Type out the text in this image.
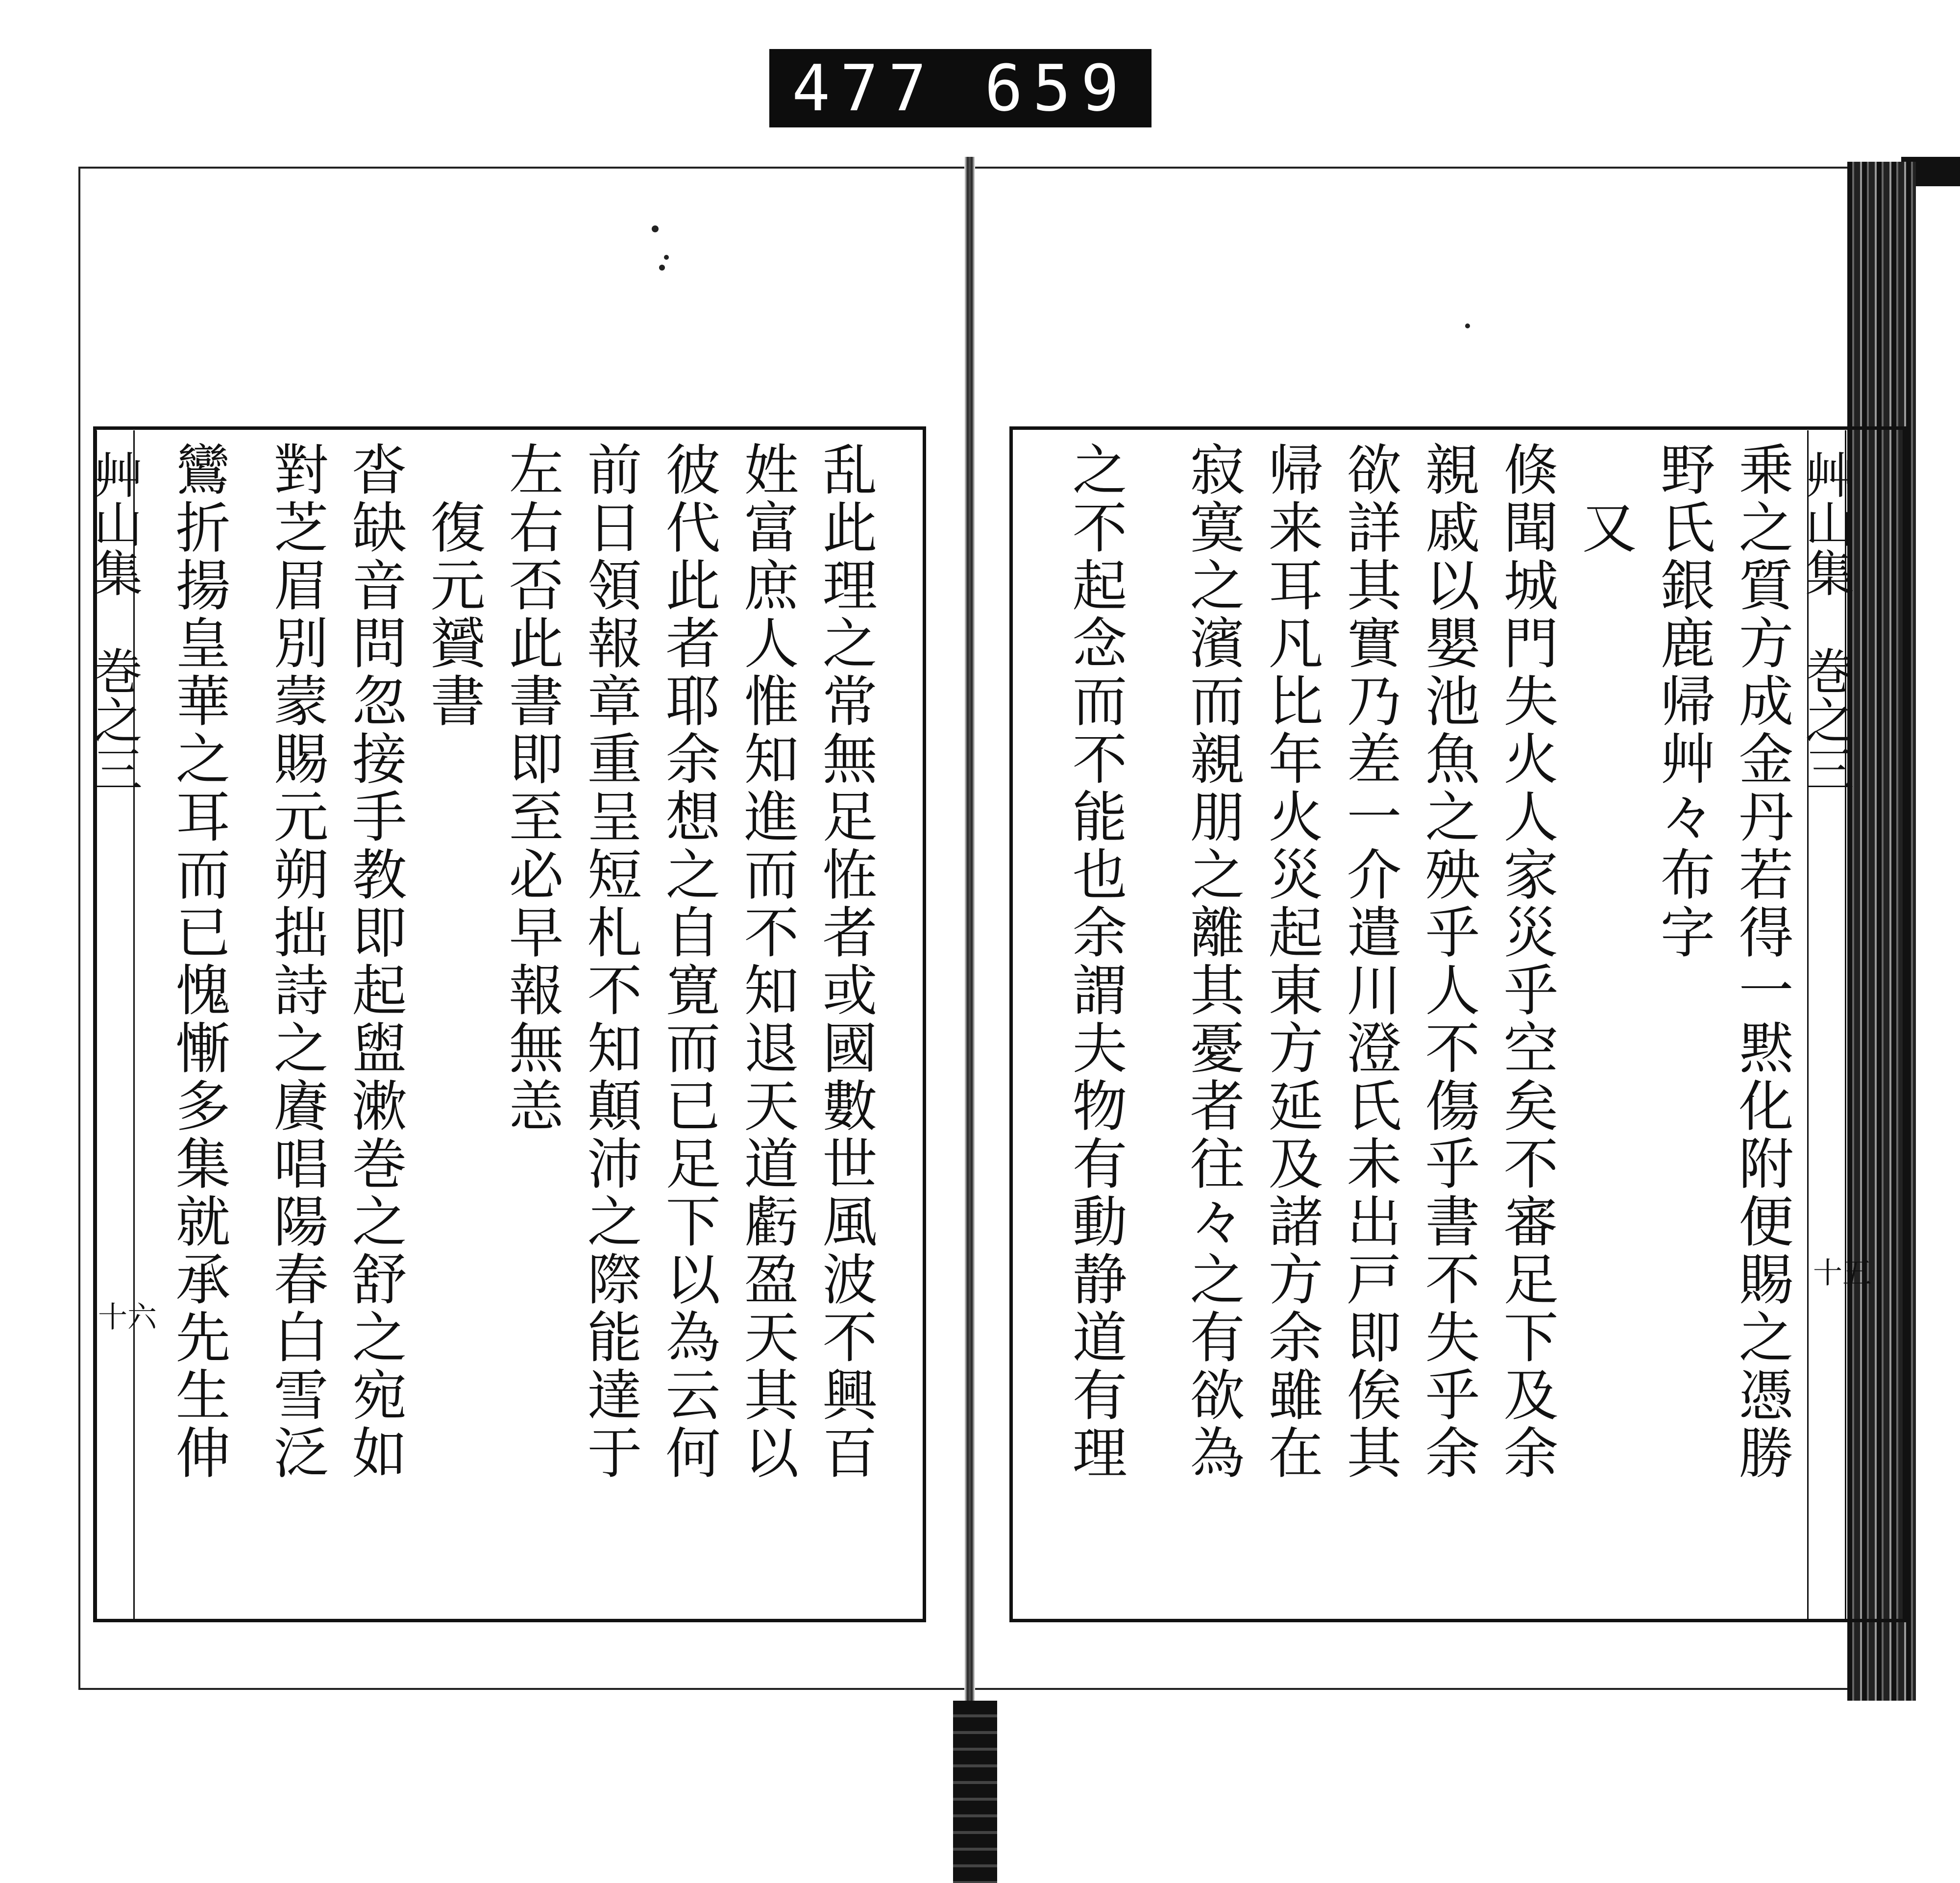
477 659
艸山集　巻之三
十六	乱此理之常無足恠者或國數世風波不興百
姓富庶人惟知進而不知退天道虧盈天其以
彼代此者耶余想之自寛而已足下以為云何
前日領報章重呈短札不知顛沛之際能達于
左右否此書即至必早報無恙
　復元贇書
沓缺音問忽接手教即起盥漱巻之舒之宛如
對芝眉別蒙賜元朔拙詩之賡唱陽春白雪泛
鸞折揚皇華之耳而已愧慚多集就承先生伸	艸山集　巻之三
十五
乗之質方成金丹若得一黙化附便賜之憑勝
野氏銀鹿帰艸々布字
　又
倏聞城門失火人家災乎空矣不審足下及余
親戚以嬰池魚之殃乎人不傷乎書不失乎余
欲詳其實乃差一介遣川澄氏未出戸即俟其
帰来耳凡比年火災起東方延及諸方余雖在
寂寞之濱而親朋之離其憂者往々之有欲為
之不起念而不能也余謂夫物有動静道有理
